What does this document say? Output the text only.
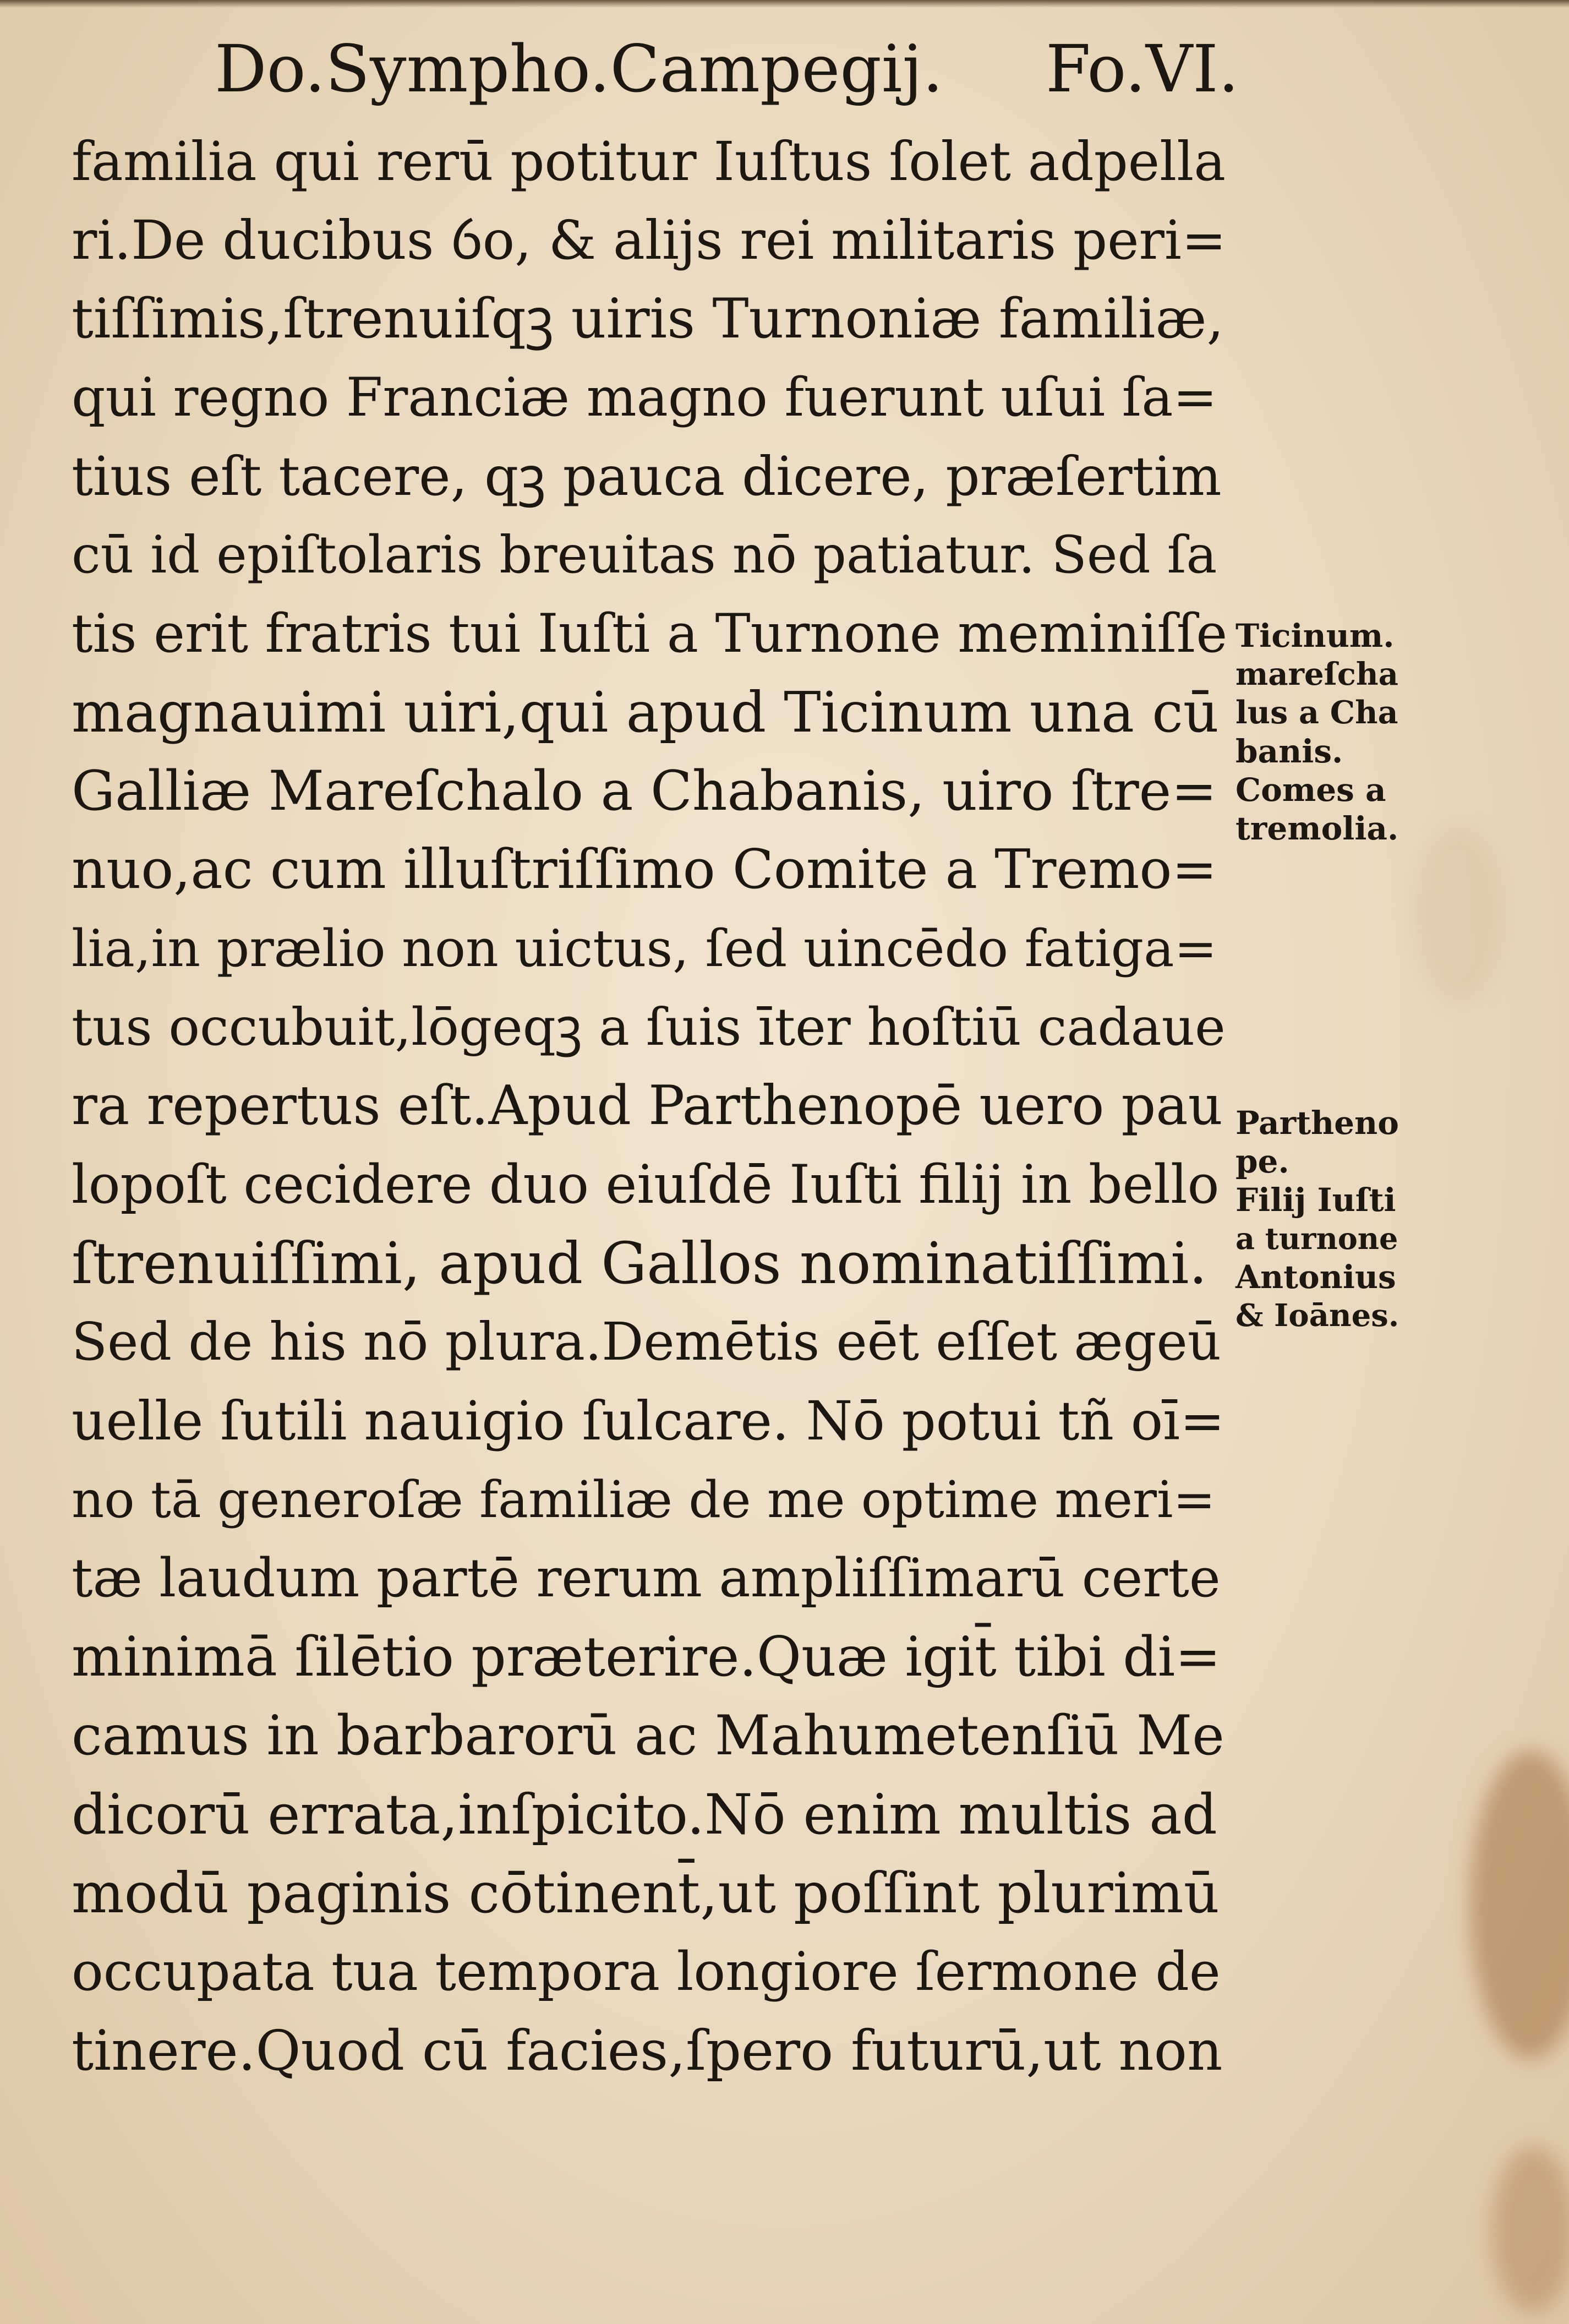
Do.Sympho.Campegij. Fo.VI.
familia qui rerū potitur Iuſtus ſolet adpella
ri.De ducibus ỽo, & alijs rei militaris peri=
tiſſimis,ſtrenuiſqꝫ uiris Turnoniæ familiæ,
qui regno Franciæ magno fuerunt uſui ſa=
tius eſt tacere, qꝫ pauca dicere, præſertim
cū id epiſtolaris breuitas nō patiatur. Sed ſa
tis erit fratris tui Iuſti a Turnone meminiſſe
magnauimi uiri,qui apud Ticinum una cū
Galliæ Mareſchalo a Chabanis, uiro ſtre=
nuo,ac cum illuſtriſſimo Comite a Tremo=
lia,in prælio non uictus, ſed uincēdo fatiga=
tus occubuit,lōgeqꝫ a ſuis īter hoſtiū cadaue
ra repertus eſt.Apud Parthenopē uero pau
lopoſt cecidere duo eiuſdē Iuſti filij in bello
ſtrenuiſſimi, apud Gallos nominatiſſimi.
Sed de his nō plura.Demētis eēt eſſet ægeū
uelle ſutili nauigio ſulcare. Nō potui tñ oī=
no tā generoſæ familiæ de me optime meri=
tæ laudum partē rerum ampliſſimarū certe
minimā ſilētio præterire.Quæ igit̄ tibi di=
camus in barbarorū ac Mahumetenſiū Me
dicorū errata,inſpicito.Nō enim multis ad
modū paginis cōtinent̄,ut poſſint plurimū
occupata tua tempora longiore ſermone de
tinere.Quod cū facies,ſpero futurū,ut non
Ticinum.
mareſcha
lus a Cha
banis.
Comes a
tremolia.
Partheno
pe.
Filij Iuſti
a turnone
Antonius
& Ioānes.
